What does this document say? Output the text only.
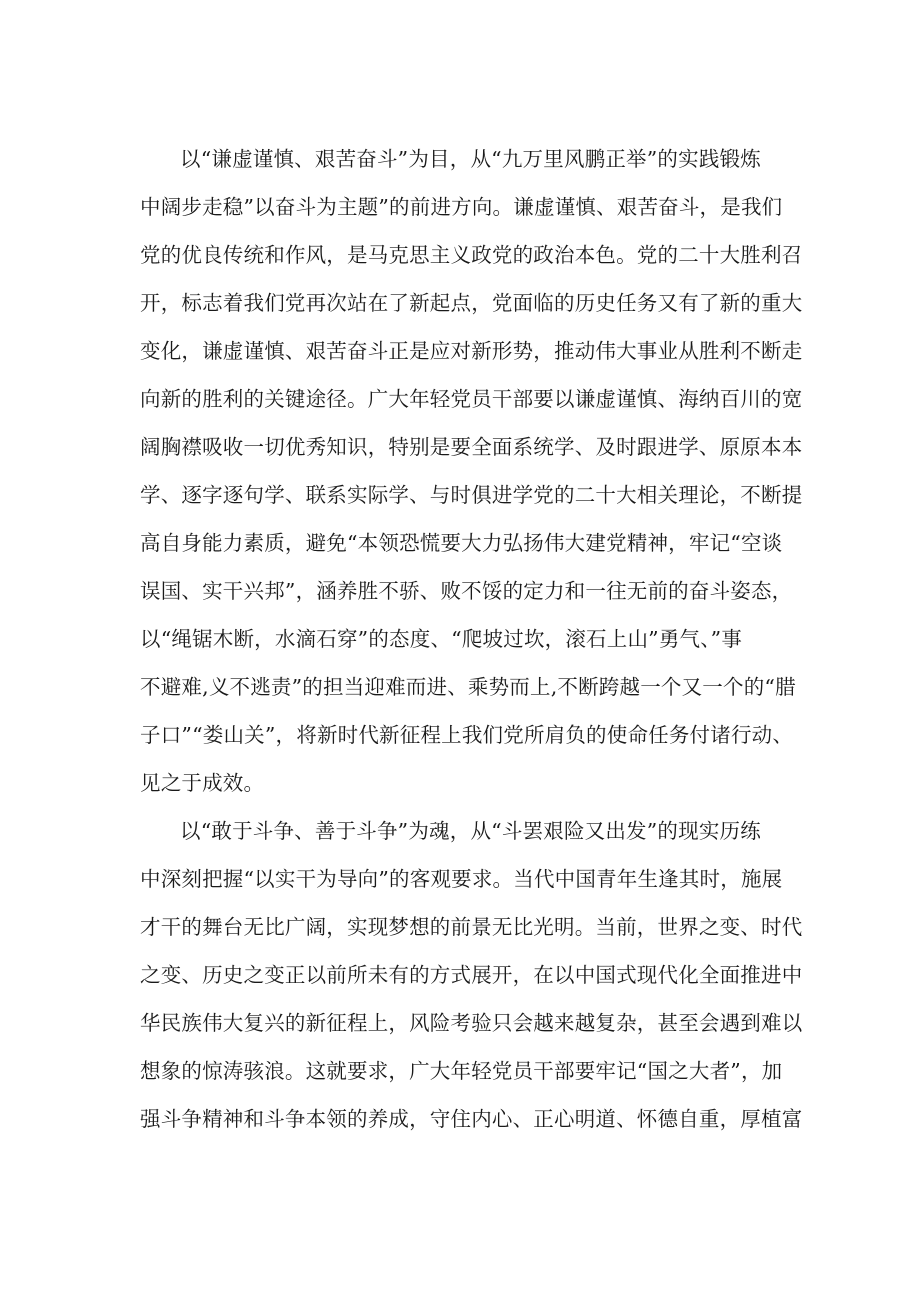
以“谦虚谨慎、艰苦奋斗”为目，从“九万里风鹏正举”的实践锻炼
中阔步走稳”以奋斗为主题”的前进方向。谦虚谨慎、艰苦奋斗，是我们
党的优良传统和作风，是马克思主义政党的政治本色。党的二十大胜利召
开，标志着我们党再次站在了新起点，党面临的历史任务又有了新的重大
变化，谦虚谨慎、艰苦奋斗正是应对新形势，推动伟大事业从胜利不断走
向新的胜利的关键途径。广大年轻党员干部要以谦虚谨慎、海纳百川的宽
阔胸襟吸收一切优秀知识，特别是要全面系统学、及时跟进学、原原本本
学、逐字逐句学、联系实际学、与时俱进学党的二十大相关理论，不断提
高自身能力素质，避免“本领恐慌要大力弘扬伟大建党精神，牢记“空谈
误国、实干兴邦”，涵养胜不骄、败不馁的定力和一往无前的奋斗姿态，
以“绳锯木断，水滴石穿”的态度、“爬坡过坎，滚石上山”勇气、”事
不避难,义不逃责”的担当迎难而进、乘势而上,不断跨越一个又一个的“腊
子口”“娄山关”，将新时代新征程上我们党所肩负的使命任务付诸行动、
见之于成效。
以“敢于斗争、善于斗争”为魂，从“斗罢艰险又出发”的现实历练
中深刻把握“以实干为导向”的客观要求。当代中国青年生逢其时，施展
才干的舞台无比广阔，实现梦想的前景无比光明。当前，世界之变、时代
之变、历史之变正以前所未有的方式展开，在以中国式现代化全面推进中
华民族伟大复兴的新征程上，风险考验只会越来越复杂，甚至会遇到难以
想象的惊涛骇浪。这就要求，广大年轻党员干部要牢记“国之大者”，加
强斗争精神和斗争本领的养成，守住内心、正心明道、怀德自重，厚植富
